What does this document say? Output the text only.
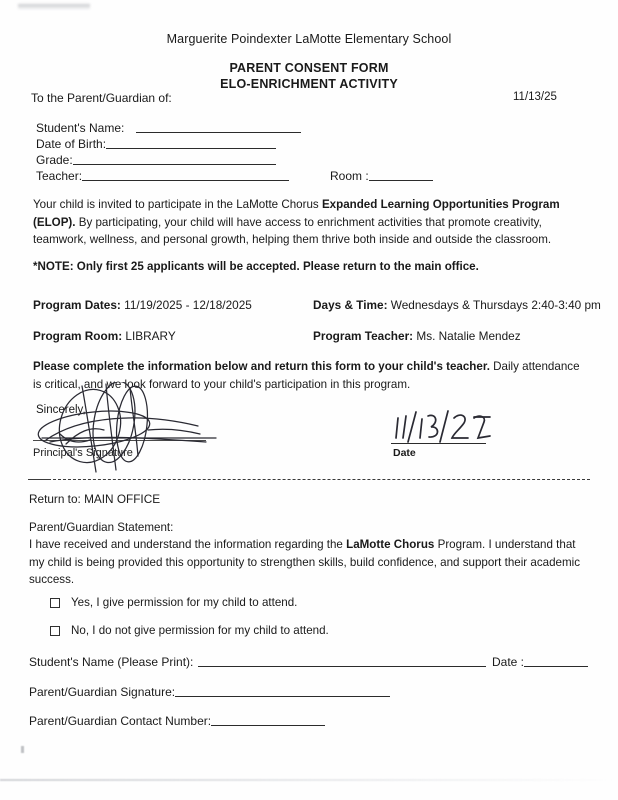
Marguerite Poindexter LaMotte Elementary School
PARENT CONSENT FORM
ELO-ENRICHMENT ACTIVITY
To the Parent/Guardian of:	11/13/25
Student's Name:
Date of Birth:
Grade:
Teacher:	Room :
Your child is invited to participate in the LaMotte Chorus Expanded Learning Opportunities Program (ELOP). By participating, your child will have access to enrichment activities that promote creativity, teamwork, wellness, and personal growth, helping them thrive both inside and outside the classroom.
*NOTE: Only first 25 applicants will be accepted. Please return to the main office.
Program Dates: 11/19/2025 - 12/18/2025	Days & Time: Wednesdays & Thursdays 2:40-3:40 pm
Program Room: LIBRARY	Program Teacher: Ms. Natalie Mendez
Please complete the information below and return this form to your child's teacher. Daily attendance is critical, and we look forward to your child's participation in this program.
Sincerely,
Principal's Signature	Date
Return to: MAIN OFFICE
Parent/Guardian Statement:
I have received and understand the information regarding the LaMotte Chorus Program. I understand that my child is being provided this opportunity to strengthen skills, build confidence, and support their academic success.
Yes, I give permission for my child to attend.
No, I do not give permission for my child to attend.
Student's Name (Please Print):	Date :
Parent/Guardian Signature:
Parent/Guardian Contact Number:
